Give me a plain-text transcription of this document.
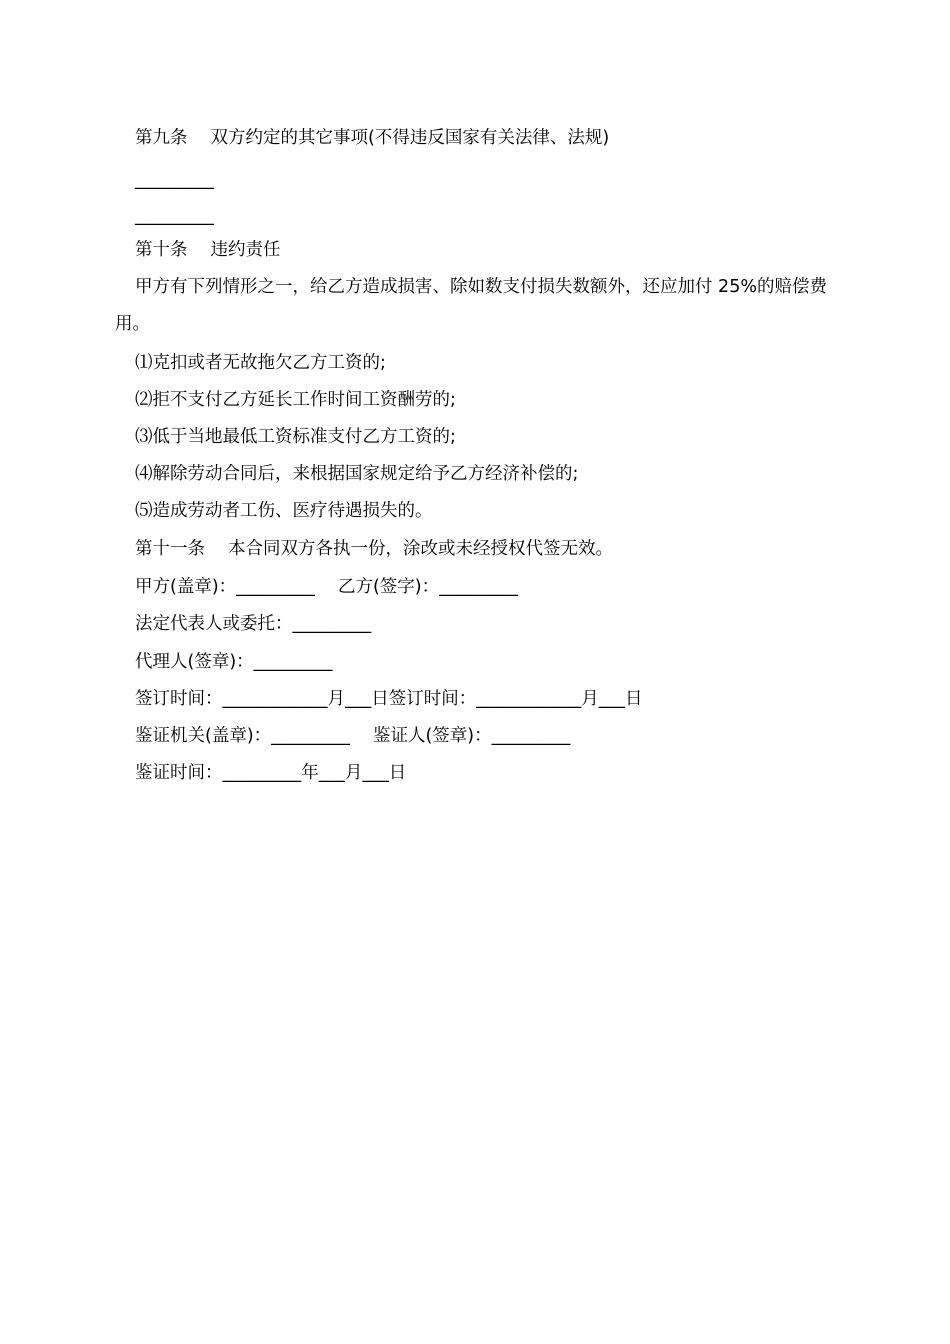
第九条　 双方约定的其它事项(不得违反国家有关法律、法规)
_________
_________
第十条　 违约责任
甲方有下列情形之一，给乙方造成损害、除如数支付损失数额外，还应加付 25%的赔偿费用。
⑴克扣或者无故拖欠乙方工资的;
⑵拒不支付乙方延长工作时间工资酬劳的;
⑶低于当地最低工资标准支付乙方工资的;
⑷解除劳动合同后，来根据国家规定给予乙方经济补偿的;
⑸造成劳动者工伤、医疗待遇损失的。
第十一条　 本合同双方各执一份，涂改或未经授权代签无效。
甲方(盖章)：_________　 乙方(签字)：_________
法定代表人或委托：_________
代理人(签章)：_________
签订时间：____________月___日签订时间：____________月___日
鉴证机关(盖章)：_________　 鉴证人(签章)：_________
鉴证时间：_________年___月___日
